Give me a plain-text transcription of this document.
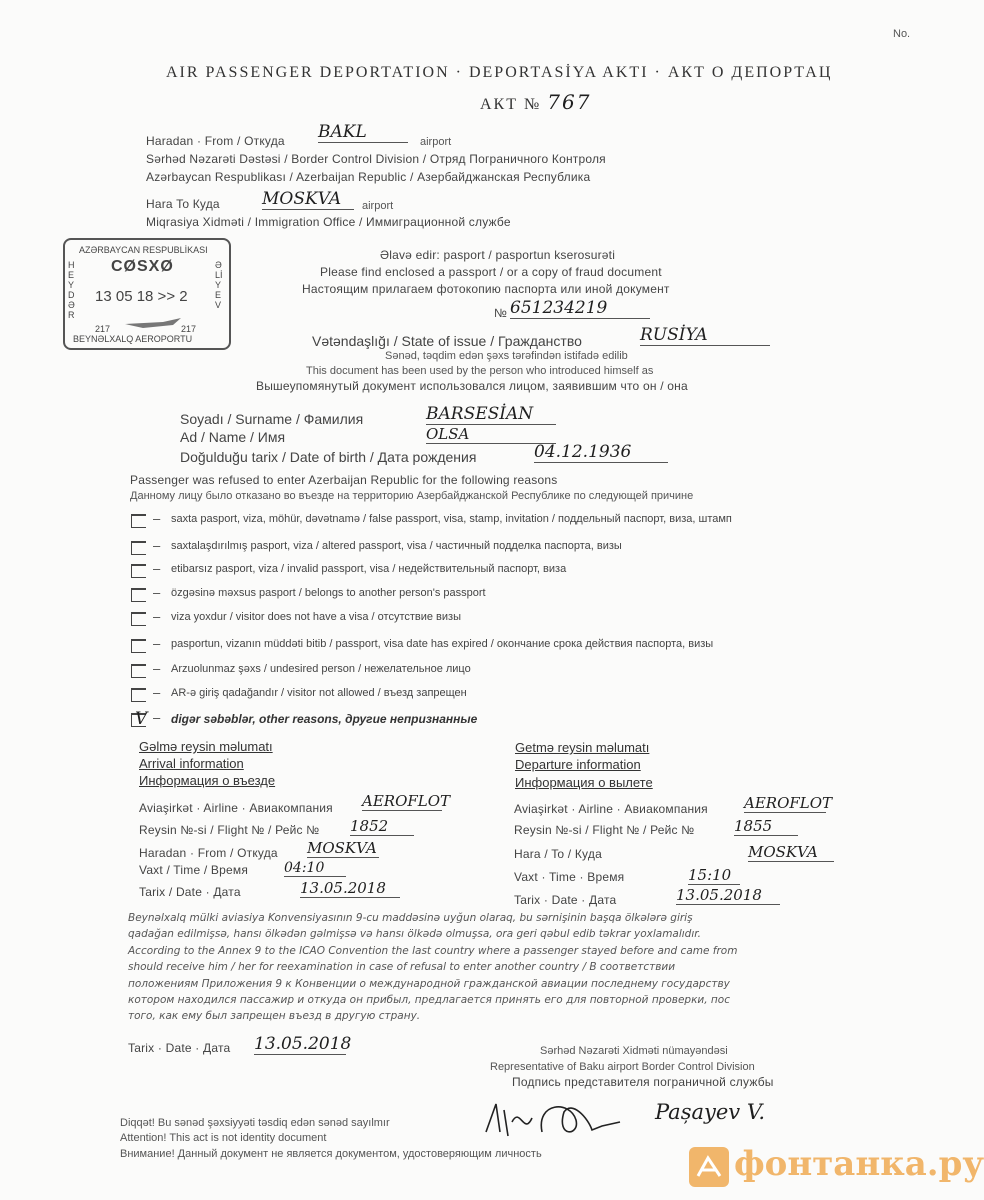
No.
AIR PASSENGER DEPORTATION · DEPORTASİYA AKTI · АКТ О ДЕПОРТАЦ
АКТ № 767
Haradan · From / Откуда BAKL	airport
Sərhəd Nəzarəti Dəstəsi / Border Control Division / Отряд Пограничного Контроля
Azərbaycan Respublikası / Azerbaijan Republic / Азербайджанская Республика
Hara To Куда MOSKVA	airport
Miqrasiya Xidməti / Immigration Office / Иммиграционной службе
AZƏRBAYCAN RESPUBLİKASI
CØSXØ
HEYDƏR
ƏLİYEV
13 05 18 >> 2
217	217
BEYNƏLXALQ AEROPORTU
Əlavə edir: pasport / pasportun kserosurəti
Please find enclosed a passport / or a copy of fraud document
Настоящим прилагаем фотокопию паспорта или иной документ
№ 651234219
Vətəndaşlığı / State of issue / Гражданство	RUSİYA
Sənəd, təqdim edən şəxs tərəfindən istifadə edilib
This document has been used by the person who introduced himself as
Вышеупомянутый документ использовался лицом, заявившим что он / она
Soyadı / Surname / Фамилия	BARSESİAN
Ad / Name / Имя	OLSA
Doğulduğu tarix / Date of birth / Дата рождения	04.12.1936
Passenger was refused to enter Azerbaijan Republic for the following reasons
Данному лицу было отказано во въезде на территорию Азербайджанской Республике по следующей причине
– saxta pasport, viza, möhür, dəvətnamə / false passport, visa, stamp, invitation / поддельный паспорт, виза, штамп
– saxtalaşdırılmış pasport, viza / altered passport, visa / частичный подделка паспорта, визы
– etibarsız pasport, viza / invalid passport, visa / недействительный паспорт, виза
– özgəsinə məxsus pasport / belongs to another person's passport
– viza yoxdur / visitor does not have a visa / отсутствие визы
– pasportun, vizanın müddəti bitib / passport, visa date has expired / окончание срока действия паспорта, визы
– Arzuolunmaz şəxs / undesired person / нежелательное лицо
– AR-ə giriş qadağandır / visitor not allowed / въезд запрещен
V – digər səbəblər, other reasons, другие непризнанные
Gəlmə reysin məlumatı
Arrival information
Информация о въезде
Aviaşirkət · Airline · Авиакомпания AEROFLOT
Reysin №-si / Flight № / Рейс № 1852
Haradan · From / Откуда MOSKVA
Vaxt / Time / Время	04:10
Tarix / Date · Дата	13.05.2018
Getmə reysin məlumatı
Departure information
Информация о вылете
Aviaşirkət · Airline · Авиакомпания AEROFLOT
Reysin №-si / Flight № / Рейс №	1855
Hara / To / Куда	MOSKVA
Vaxt · Time · Время	15:10
Tarix · Date · Дата	13.05.2018
Beynəlxalq mülki aviasiya Konvensiyasının 9-cu maddəsinə uyğun olaraq, bu sərnişinin başqa ölkələrə giriş
qadağan edilmişsə, hansı ölkədən gəlmişsə və hansı ölkədə olmuşsa, ora geri qəbul edib təkrar yoxlamalıdır.
According to the Annex 9 to the ICAO Convention the last country where a passenger stayed before and came from
should receive him / her for reexamination in case of refusal to enter another country / В соответствии
положениям Приложения 9 к Конвенции о международной гражданской авиации последнему государству
котором находился пассажир и откуда он прибыл, предлагается принять его для повторной проверки, пос
того, как ему был запрещен въезд в другую страну.
Tarix · Date · Дата 13.05.2018	Sərhəd Nəzarəti Xidməti nümayəndəsi
Representative of Baku airport Border Control Division
Подпись представителя пограничной службы
Pașayev V.
Diqqət! Bu sənəd şəxsiyyəti təsdiq edən sənəd sayılmır
Attention! This act is not identity document
Внимание! Данный документ не является документом, удостоверяющим личность	фонтанка.ру
